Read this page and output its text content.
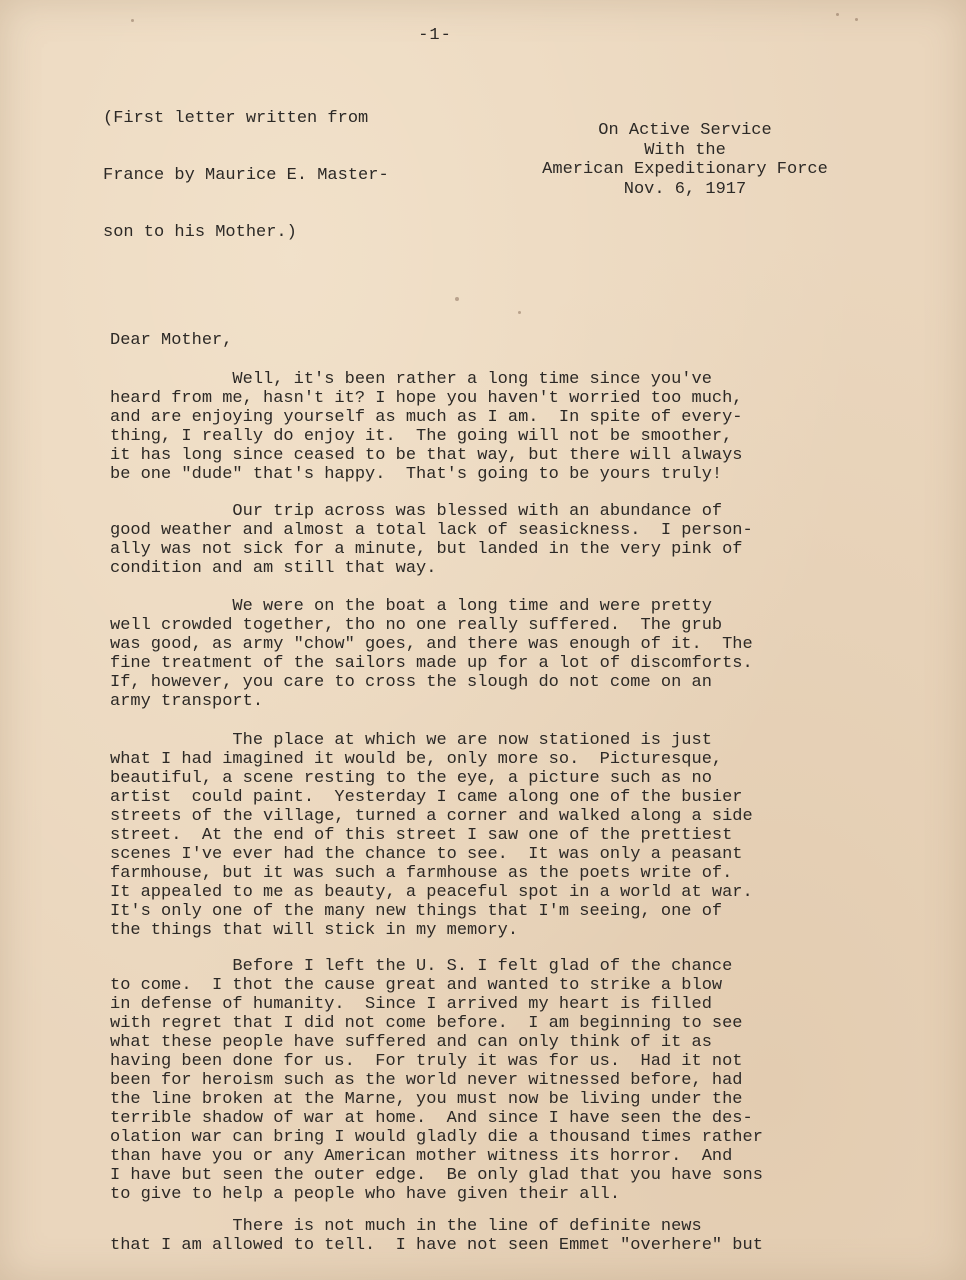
-1-

(First letter written from

France by Maurice E. Master-

son to his Mother.)

On Active Service
With the
American Expeditionary Force
Nov. 6, 1917
Dear Mother,
Well, it's been rather a long time since you've
heard from me, hasn't it? I hope you haven't worried too much,
and are enjoying yourself as much as I am.  In spite of every-
thing, I really do enjoy it.  The going will not be smoother,
it has long since ceased to be that way, but there will always
be one "dude" that's happy.  That's going to be yours truly!
Our trip across was blessed with an abundance of
good weather and almost a total lack of seasickness.  I person-
ally was not sick for a minute, but landed in the very pink of
condition and am still that way.
We were on the boat a long time and were pretty
well crowded together, tho no one really suffered.  The grub
was good, as army "chow" goes, and there was enough of it.  The
fine treatment of the sailors made up for a lot of discomforts.
If, however, you care to cross the slough do not come on an
army transport.
The place at which we are now stationed is just
what I had imagined it would be, only more so.  Picturesque,
beautiful, a scene resting to the eye, a picture such as no
artist  could paint.  Yesterday I came along one of the busier
streets of the village, turned a corner and walked along a side
street.  At the end of this street I saw one of the prettiest
scenes I've ever had the chance to see.  It was only a peasant
farmhouse, but it was such a farmhouse as the poets write of.
It appealed to me as beauty, a peaceful spot in a world at war.
It's only one of the many new things that I'm seeing, one of
the things that will stick in my memory.
Before I left the U. S. I felt glad of the chance
to come.  I thot the cause great and wanted to strike a blow
in defense of humanity.  Since I arrived my heart is filled
with regret that I did not come before.  I am beginning to see
what these people have suffered and can only think of it as
having been done for us.  For truly it was for us.  Had it not
been for heroism such as the world never witnessed before, had
the line broken at the Marne, you must now be living under the
terrible shadow of war at home.  And since I have seen the des-
olation war can bring I would gladly die a thousand times rather
than have you or any American mother witness its horror.  And
I have but seen the outer edge.  Be only glad that you have sons
to give to help a people who have given their all.
There is not much in the line of definite news
that I am allowed to tell.  I have not seen Emmet "overhere" but
